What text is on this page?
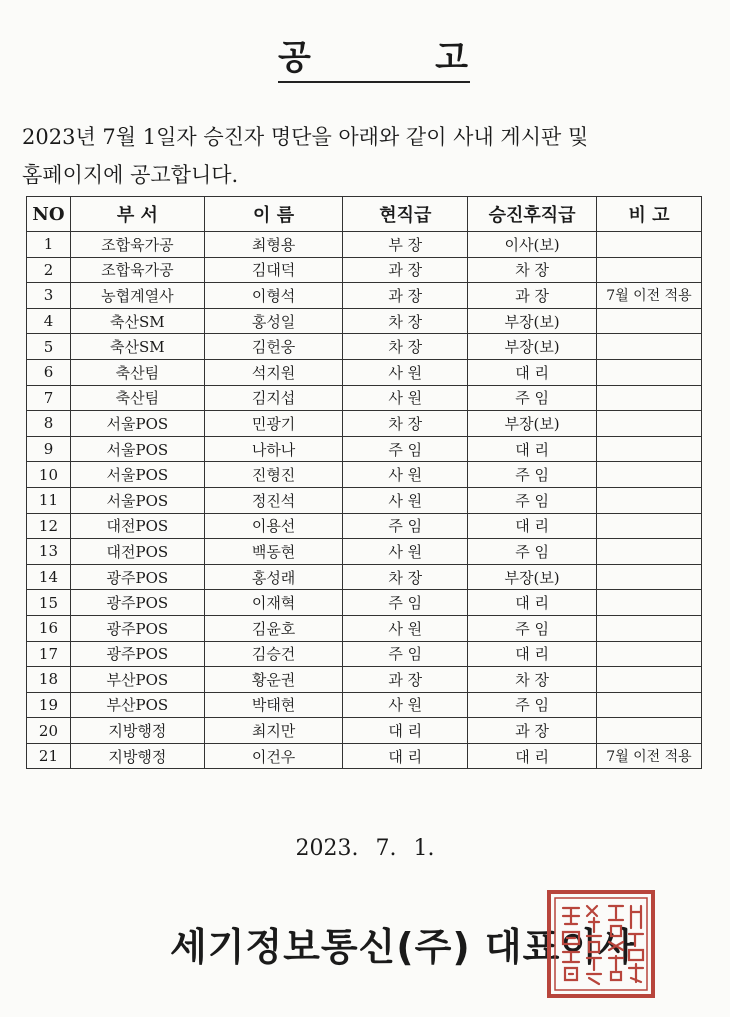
공	고
2023년 7월 1일자 승진자 명단을 아래와 같이 사내 게시판 및
홈페이지에 공고합니다.
NO	부 서	이 름	현직급	승진후직급	비 고
1	조합육가공	최형용	부 장	이사(보)	
2	조합육가공	김대덕	과 장	차 장	
3	농협계열사	이형석	과 장	과 장	7월 이전 적용
4	축산SM	홍성일	차 장	부장(보)	
5	축산SM	김헌웅	차 장	부장(보)	
6	축산팀	석지원	사 원	대 리	
7	축산팀	김지섭	사 원	주 임	
8	서울POS	민광기	차 장	부장(보)	
9	서울POS	나하나	주 임	대 리	
10	서울POS	진형진	사 원	주 임	
11	서울POS	정진석	사 원	주 임	
12	대전POS	이용선	주 임	대 리	
13	대전POS	백동현	사 원	주 임	
14	광주POS	홍성래	차 장	부장(보)	
15	광주POS	이재혁	주 임	대 리	
16	광주POS	김윤호	사 원	주 임	
17	광주POS	김승건	주 임	대 리	
18	부산POS	황운권	과 장	차 장	
19	부산POS	박태현	사 원	주 임	
20	지방행정	최지만	대 리	과 장	
21	지방행정	이건우	대 리	대 리	7월 이전 적용
2023. 7. 1.
세기정보통신(주) 대표이사
